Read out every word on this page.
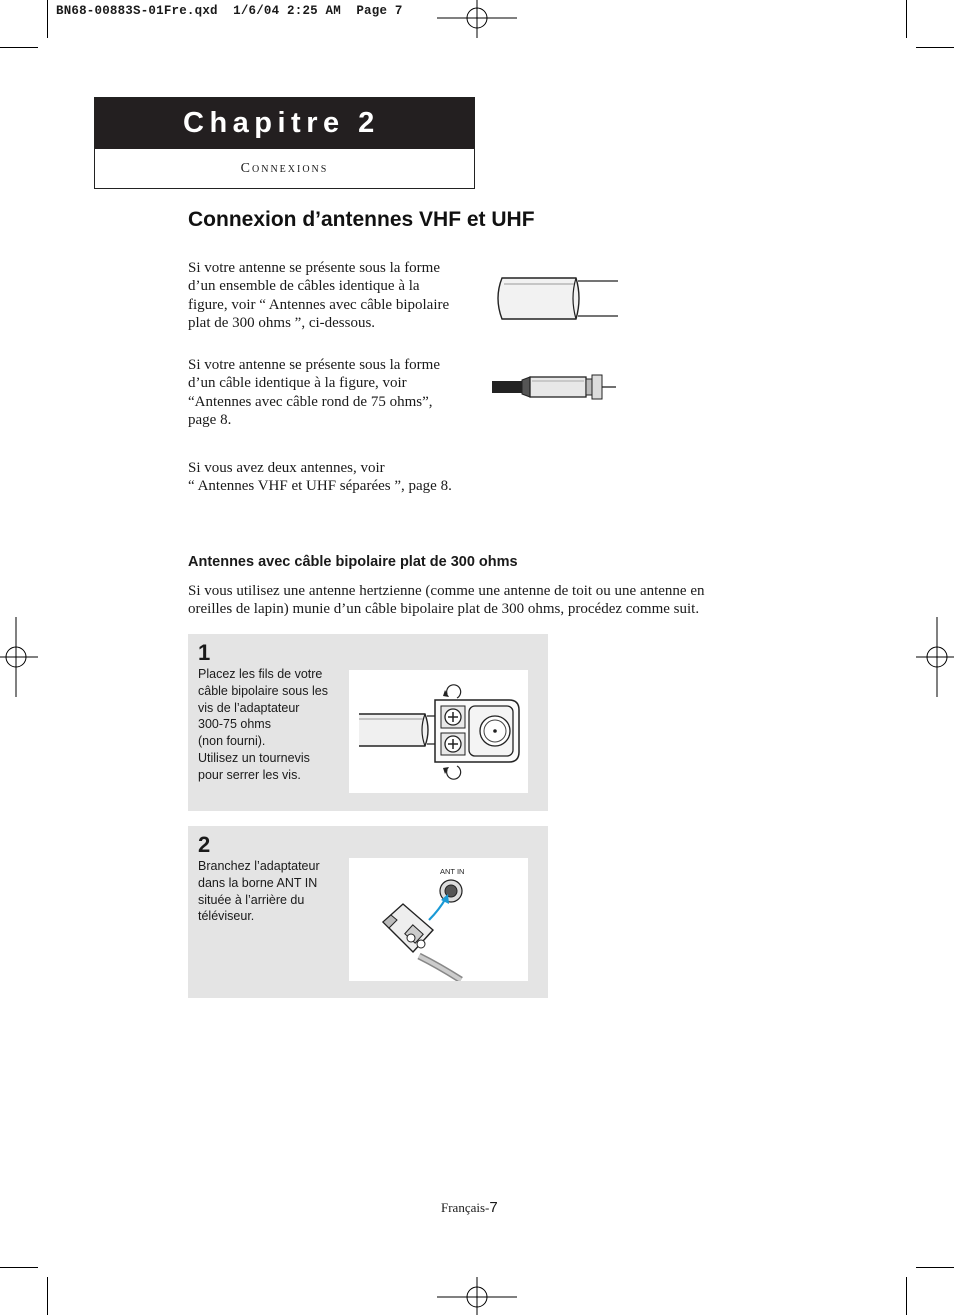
BN68-00883S-01Fre.qxd  1/6/04 2:25 AM  Page 7
Chapitre 2
Connexions
Connexion d’antennes VHF et UHF
Si votre antenne se présente sous la forme
d’un ensemble de câbles identique à la
figure, voir “ Antennes avec câble bipolaire
plat de 300 ohms ”, ci-dessous.
Si votre antenne se présente sous la forme
d’un câble identique à la figure, voir
“Antennes avec câble rond de 75 ohms”,
page 8.
Si vous avez deux antennes, voir
“ Antennes VHF et UHF séparées ”, page 8.
Antennes avec câble bipolaire plat de 300 ohms
Si vous utilisez une antenne hertzienne (comme une antenne de toit ou une antenne en
oreilles de lapin) munie d’un câble bipolaire plat de 300 ohms, procédez comme suit.
1
Placez les fils de votre
câble bipolaire sous les
vis de l’adaptateur
300-75 ohms
(non fourni).
Utilisez un tournevis
pour serrer les vis.
2
Branchez l’adaptateur
dans la borne ANT IN
située à l’arrière du
téléviseur.
ANT IN
Français-7
